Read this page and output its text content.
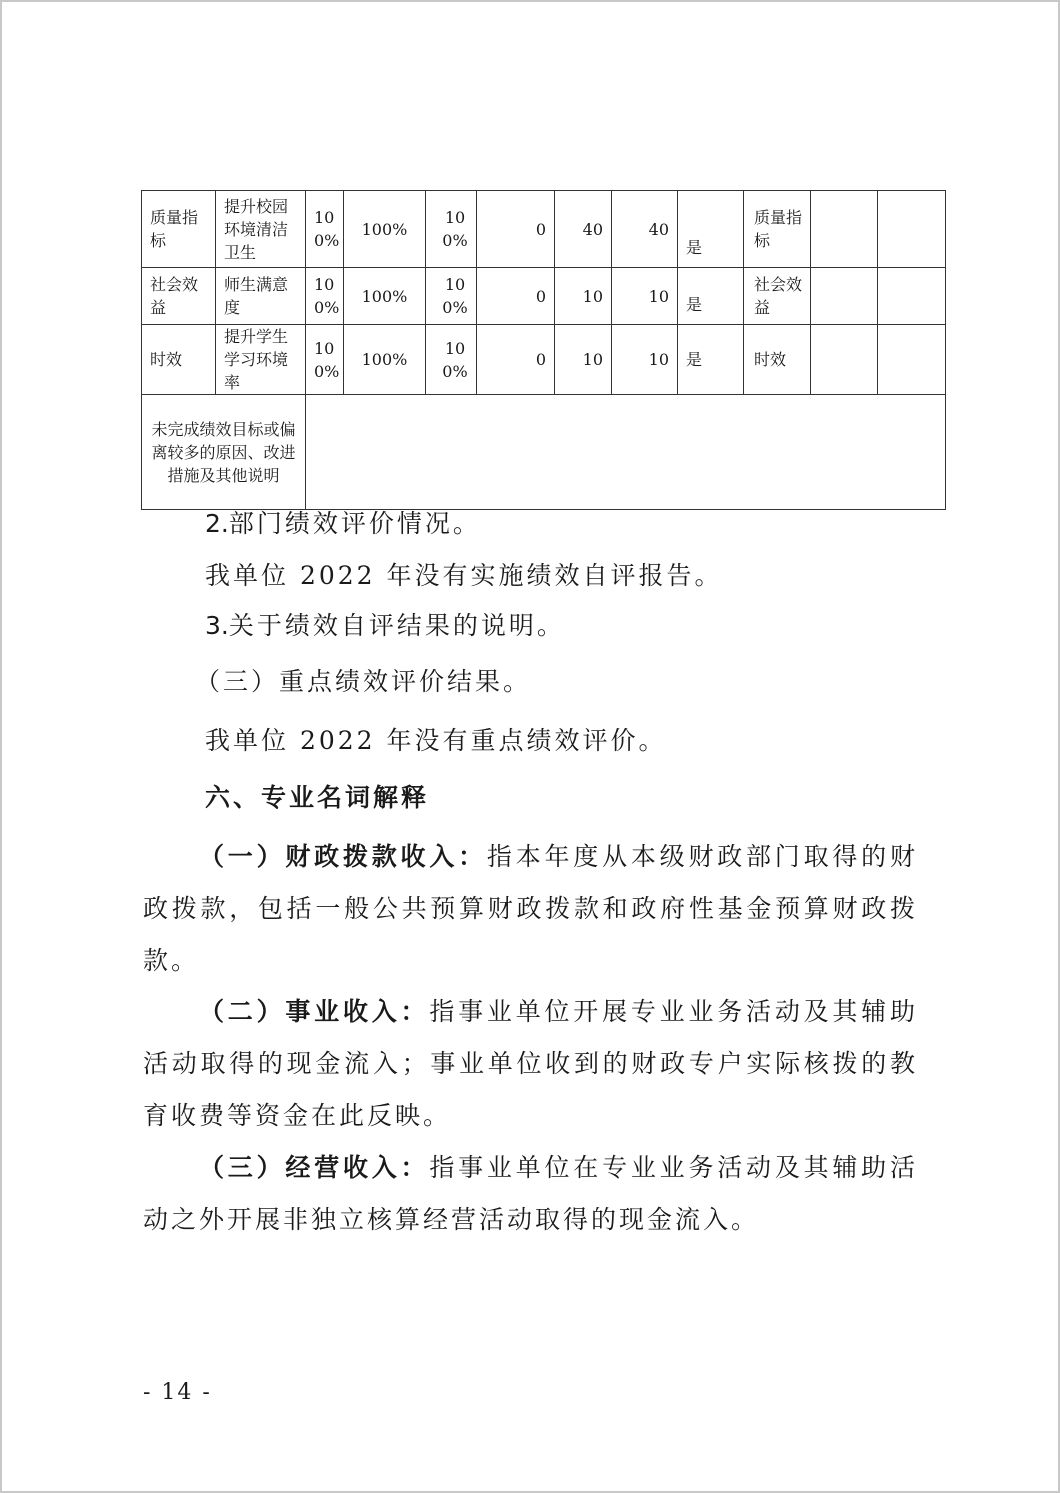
质量指标	提升校园环境清洁卫生	100%	100%	100%	0	40	40	是	质量指标		
社会效益	师生满意度	100%	100%	100%	0	10	10	是	社会效益		
时效	提升学生学习环境率	100%	100%	100%	0	10	10	是	时效		
未完成绩效目标或偏离较多的原因、改进措施及其他说明											

2.部门绩效评价情况。

我单位 2022 年没有实施绩效自评报告。

3.关于绩效自评结果的说明。

（三）重点绩效评价结果。

我单位 2022 年没有重点绩效评价。

六、专业名词解释

（一）财政拨款收入：指本年度从本级财政部门取得的财政拨款，包括一般公共预算财政拨款和政府性基金预算财政拨款。

（二）事业收入：指事业单位开展专业业务活动及其辅助活动取得的现金流入；事业单位收到的财政专户实际核拨的教育收费等资金在此反映。

（三）经营收入：指事业单位在专业业务活动及其辅助活动之外开展非独立核算经营活动取得的现金流入。

- 14 -
